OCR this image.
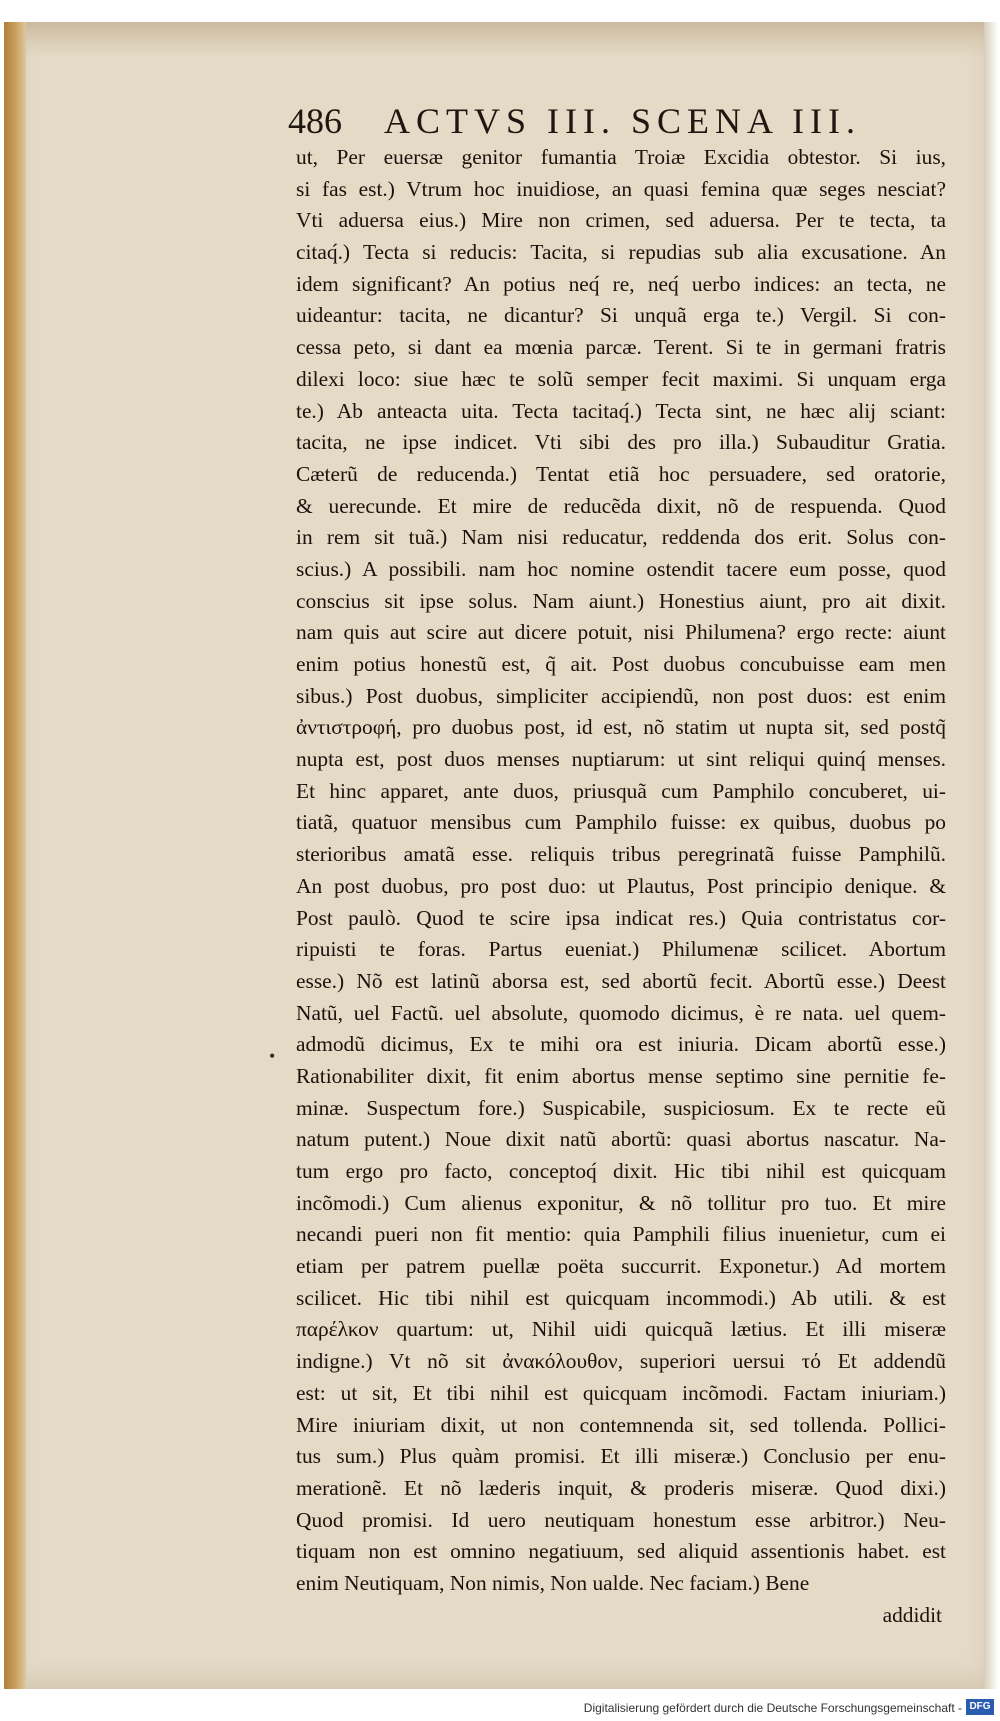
486 ACTVS III. SCENA III.
•
ut, Per euersæ genitor fumantia Troiæ Excidia obtestor. Si ius,
si fas est.) Vtrum hoc inuidiose, an quasi femina quæ seges nesciat?
Vti aduersa eius.) Mire non crimen, sed aduersa. Per te tecta, ta
citaq́.) Tecta si reducis: Tacita, si repudias sub alia excusatione. An
idem significant? An potius neq́ re, neq́ uerbo indices: an tecta, ne
uideantur: tacita, ne dicantur? Si unquã erga te.) Vergil. Si con-
cessa peto, si dant ea mœnia parcæ. Terent. Si te in germani fratris
dilexi loco: siue hæc te solũ semper fecit maximi. Si unquam erga
te.) Ab anteacta uita. Tecta tacitaq́.) Tecta sint, ne hæc alij sciant:
tacita, ne ipse indicet. Vti sibi des pro illa.) Subauditur Gratia.
Cæterũ de reducenda.) Tentat etiã hoc persuadere, sed oratorie,
& uerecunde. Et mire de reducẽda dixit, nõ de respuenda. Quod
in rem sit tuã.) Nam nisi reducatur, reddenda dos erit. Solus con-
scius.) A possibili. nam hoc nomine ostendit tacere eum posse, quod
conscius sit ipse solus. Nam aiunt.) Honestius aiunt, pro ait dixit.
nam quis aut scire aut dicere potuit, nisi Philumena? ergo recte: aiunt
enim potius honestũ est, q̃ ait. Post duobus concubuisse eam men
sibus.) Post duobus, simpliciter accipiendũ, non post duos: est enim
ἀντιστροφή, pro duobus post, id est, nõ statim ut nupta sit, sed postq̃
nupta est, post duos menses nuptiarum: ut sint reliqui quinq́ menses.
Et hinc apparet, ante duos, priusquã cum Pamphilo concuberet, ui-
tiatã, quatuor mensibus cum Pamphilo fuisse: ex quibus, duobus po
sterioribus amatã esse. reliquis tribus peregrinatã fuisse Pamphilũ.
An post duobus, pro post duo: ut Plautus, Post principio denique. &
Post paulò. Quod te scire ipsa indicat res.) Quia contristatus cor-
ripuisti te foras. Partus eueniat.) Philumenæ scilicet. Abortum
esse.) Nõ est latinũ aborsa est, sed abortũ fecit. Abortũ esse.) Deest
Natũ, uel Factũ. uel absolute, quomodo dicimus, è re nata. uel quem-
admodũ dicimus, Ex te mihi ora est iniuria. Dicam abortũ esse.)
Rationabiliter dixit, fit enim abortus mense septimo sine pernitie fe-
minæ. Suspectum fore.) Suspicabile, suspiciosum. Ex te recte eũ
natum putent.) Noue dixit natũ abortũ: quasi abortus nascatur. Na-
tum ergo pro facto, conceptoq́ dixit. Hic tibi nihil est quicquam
incõmodi.) Cum alienus exponitur, & nõ tollitur pro tuo. Et mire
necandi pueri non fit mentio: quia Pamphili filius inuenietur, cum ei
etiam per patrem puellæ poëta succurrit. Exponetur.) Ad mortem
scilicet. Hic tibi nihil est quicquam incommodi.) Ab utili. & est
παρέλκον quartum: ut, Nihil uidi quicquã lætius. Et illi miseræ
indigne.) Vt nõ sit ἀνακόλουθον, superiori uersui τό Et addendũ
est: ut sit, Et tibi nihil est quicquam incõmodi. Factam iniuriam.)
Mire iniuriam dixit, ut non contemnenda sit, sed tollenda. Pollici-
tus sum.) Plus quàm promisi. Et illi miseræ.) Conclusio per enu-
merationẽ. Et nõ læderis inquit, & proderis miseræ. Quod dixi.)
Quod promisi. Id uero neutiquam honestum esse arbitror.) Neu-
tiquam non est omnino negatiuum, sed aliquid assentionis habet. est
enim Neutiquam, Non nimis, Non ualde. Nec faciam.) Bene
addidit
Digitalisierung gefördert durch die Deutsche Forschungsgemeinschaft - DFG
